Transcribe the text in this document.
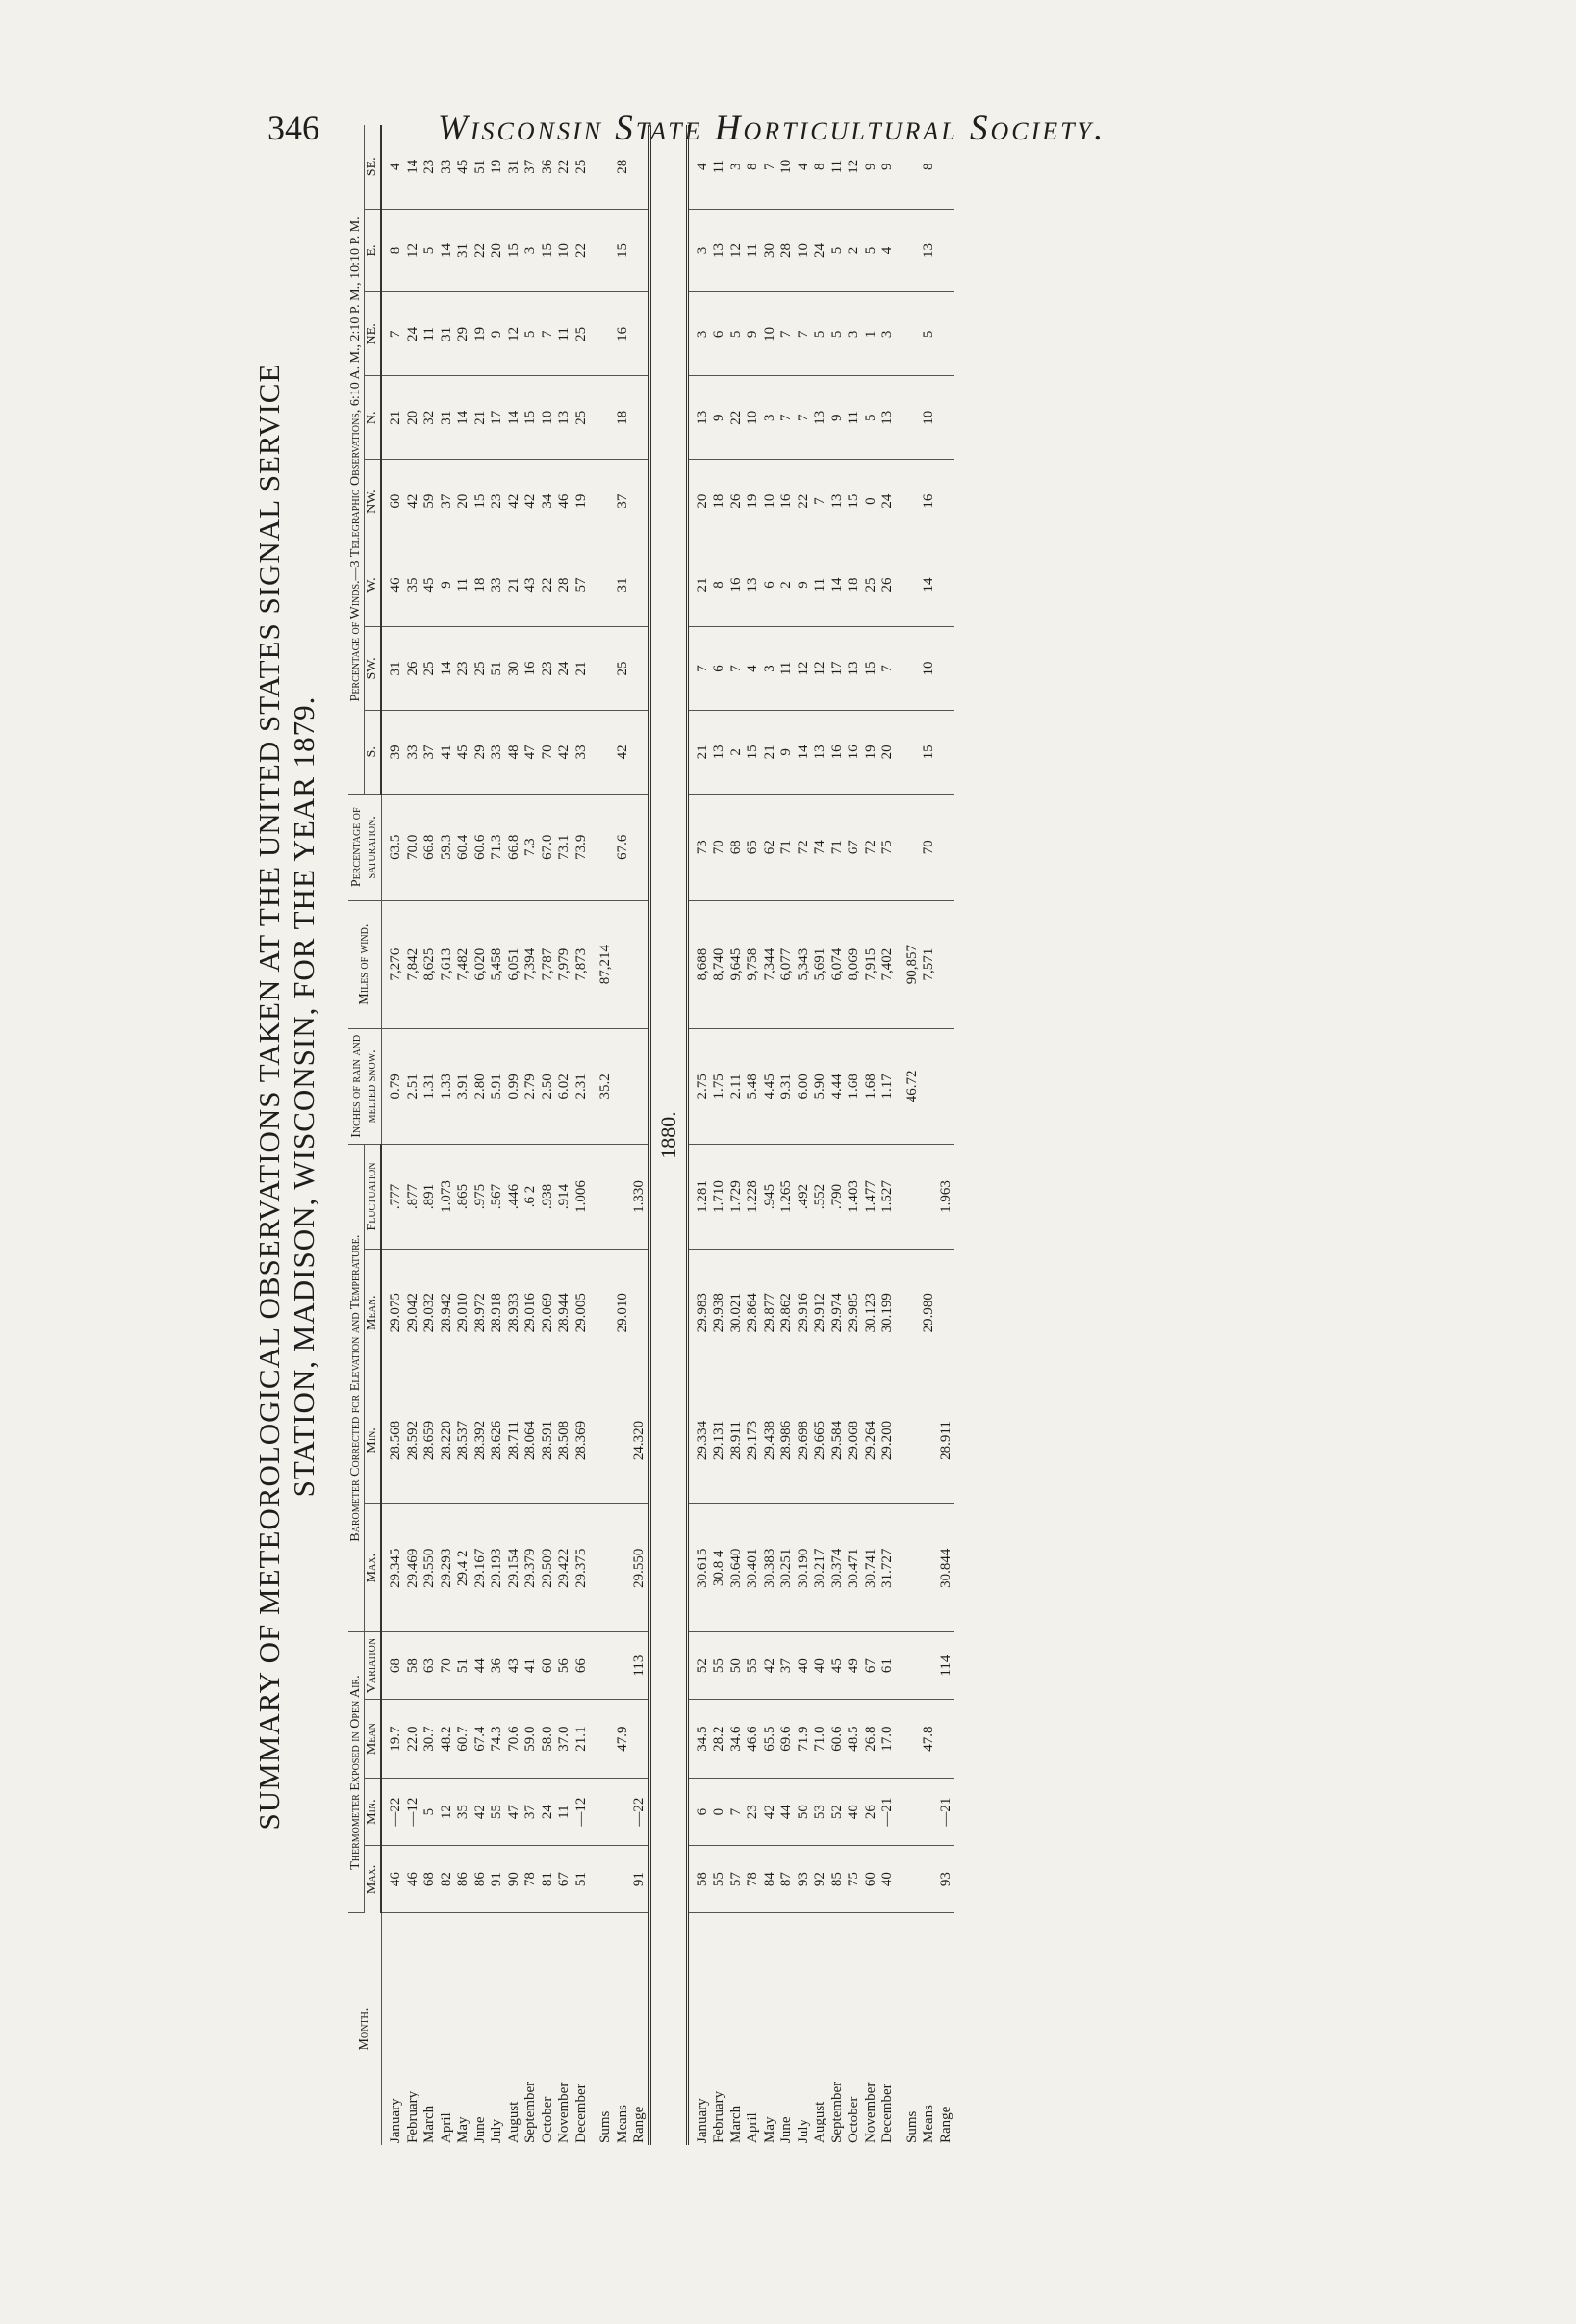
346	Wisconsin State Horticultural Society.
SUMMARY OF METEOROLOGICAL OBSERVATIONS TAKEN AT THE UNITED STATES SIGNAL SERVICE STATION, MADISON, WISCONSIN, FOR THE YEAR 1879.
Month.	Thermometer Exposed in Open Air.				Barometer Corrected for Elevation and Temperature.				Inches of rain and melted snow.	Miles of wind.	Percentage of saturation.	Percentage of Winds.—3 Telegraphic Observations, 6:10 A. M., 2:10 P. M., 10:10 P. M.							
	Max.	Min.	Mean	Variation	Max.	Min.	Mean.	Fluctuation				S.	SW.	W.	NW.	N.	NE.	E.	SE.
January	46	—22	19.7	68	29.345	28.568	29.075	.777	0.79	7,276	63.5	39	31	46	60	21	7	8	4
February	46	—12	22.0	58	29.469	28.592	29.042	.877	2.51	7,842	70.0	33	26	35	42	20	24	12	14
March	68	5	30.7	63	29.550	28.659	29.032	.891	1.31	8,625	66.8	37	25	45	59	32	11	5	23
April	82	12	48.2	70	29.293	28.220	28.942	1.073	1.33	7,613	59.3	41	14	9	37	31	31	14	33
May	86	35	60.7	51	29.4 2	28.537	29.010	.865	3.91	7,482	60.4	45	23	11	20	14	29	31	45
June	86	42	67.4	44	29.167	28.392	28.972	.975	2.80	6,020	60.6	29	25	18	15	21	19	22	51
July	91	55	74.3	36	29.193	28.626	28.918	.567	5.91	5,458	71.3	33	51	33	23	17	9	20	19
August	90	47	70.6	43	29.154	28.711	28.933	.446	0.99	6,051	66.8	48	30	21	42	14	12	15	31
September	78	37	59.0	41	29.379	28.064	29.016	.6 2	2.79	7,394	7.3	47	16	43	42	15	5	3	37
October	81	24	58.0	60	29.509	28.591	29.069	.938	2.50	7,787	67.0	70	23	22	34	10	7	15	36
November	67	11	37.0	56	29.422	28.508	28.944	.914	6.02	7,979	73.1	42	24	28	46	13	11	10	22
December	51	—12	21.1	66	29.375	28.369	29.005	1.006	2.31	7,873	73.9	33	21	57	19	25	25	22	25
Sums									35.2	87,214									
Means			47.9				29.010				67.6	42	25	31	37	18	16	15	28
Range	91	—22		113	29.550	24.320		1.330											
1880.																			
January	58	6	34.5	52	30.615	29.334	29.983	1.281	2.75	8,688	73	21	7	21	20	13	3	3	4
February	55	0	28.2	55	30.8 4	29.131	29.938	1.710	1.75	8,740	70	13	6	8	18	9	6	13	11
March	57	7	34.6	50	30.640	28.911	30.021	1.729	2.11	9,645	68	2	7	16	26	22	5	12	3
April	78	23	46.6	55	30.401	29.173	29.864	1.228	5.48	9,758	65	15	4	13	19	10	9	11	8
May	84	42	65.5	42	30.383	29.438	29.877	.945	4.45	7,344	62	21	3	6	10	3	10	30	7
June	87	44	69.6	37	30.251	28.986	29.862	1.265	9.31	6,077	71	9	11	2	16	7	7	28	10
July	93	50	71.9	40	30.190	29.698	29.916	.492	6.00	5,343	72	14	12	9	22	7	7	10	4
August	92	53	71.0	40	30.217	29.665	29.912	.552	5.90	5,691	74	13	12	11	7	13	5	24	8
September	85	52	60.6	45	30.374	29.584	29.974	.790	4.44	6,074	71	16	17	14	13	9	5	5	11
October	75	40	48.5	49	30.471	29.068	29.985	1.403	1.68	8,069	67	16	13	18	15	11	3	2	12
November	60	26	26.8	67	30.741	29.264	30.123	1.477	1.68	7,915	72	19	15	25	0	5	1	5	9
December	40	—21	17.0	61	31.727	29.200	30.199	1.527	1.17	7,402	75	20	7	26	24	13	3	4	9
Sums									46.72	90,857									
Means			47.8				29.980			7,571	70	15	10	14	16	10	5	13	8
Range	93	—21		114	30.844	28.911		1.963											
